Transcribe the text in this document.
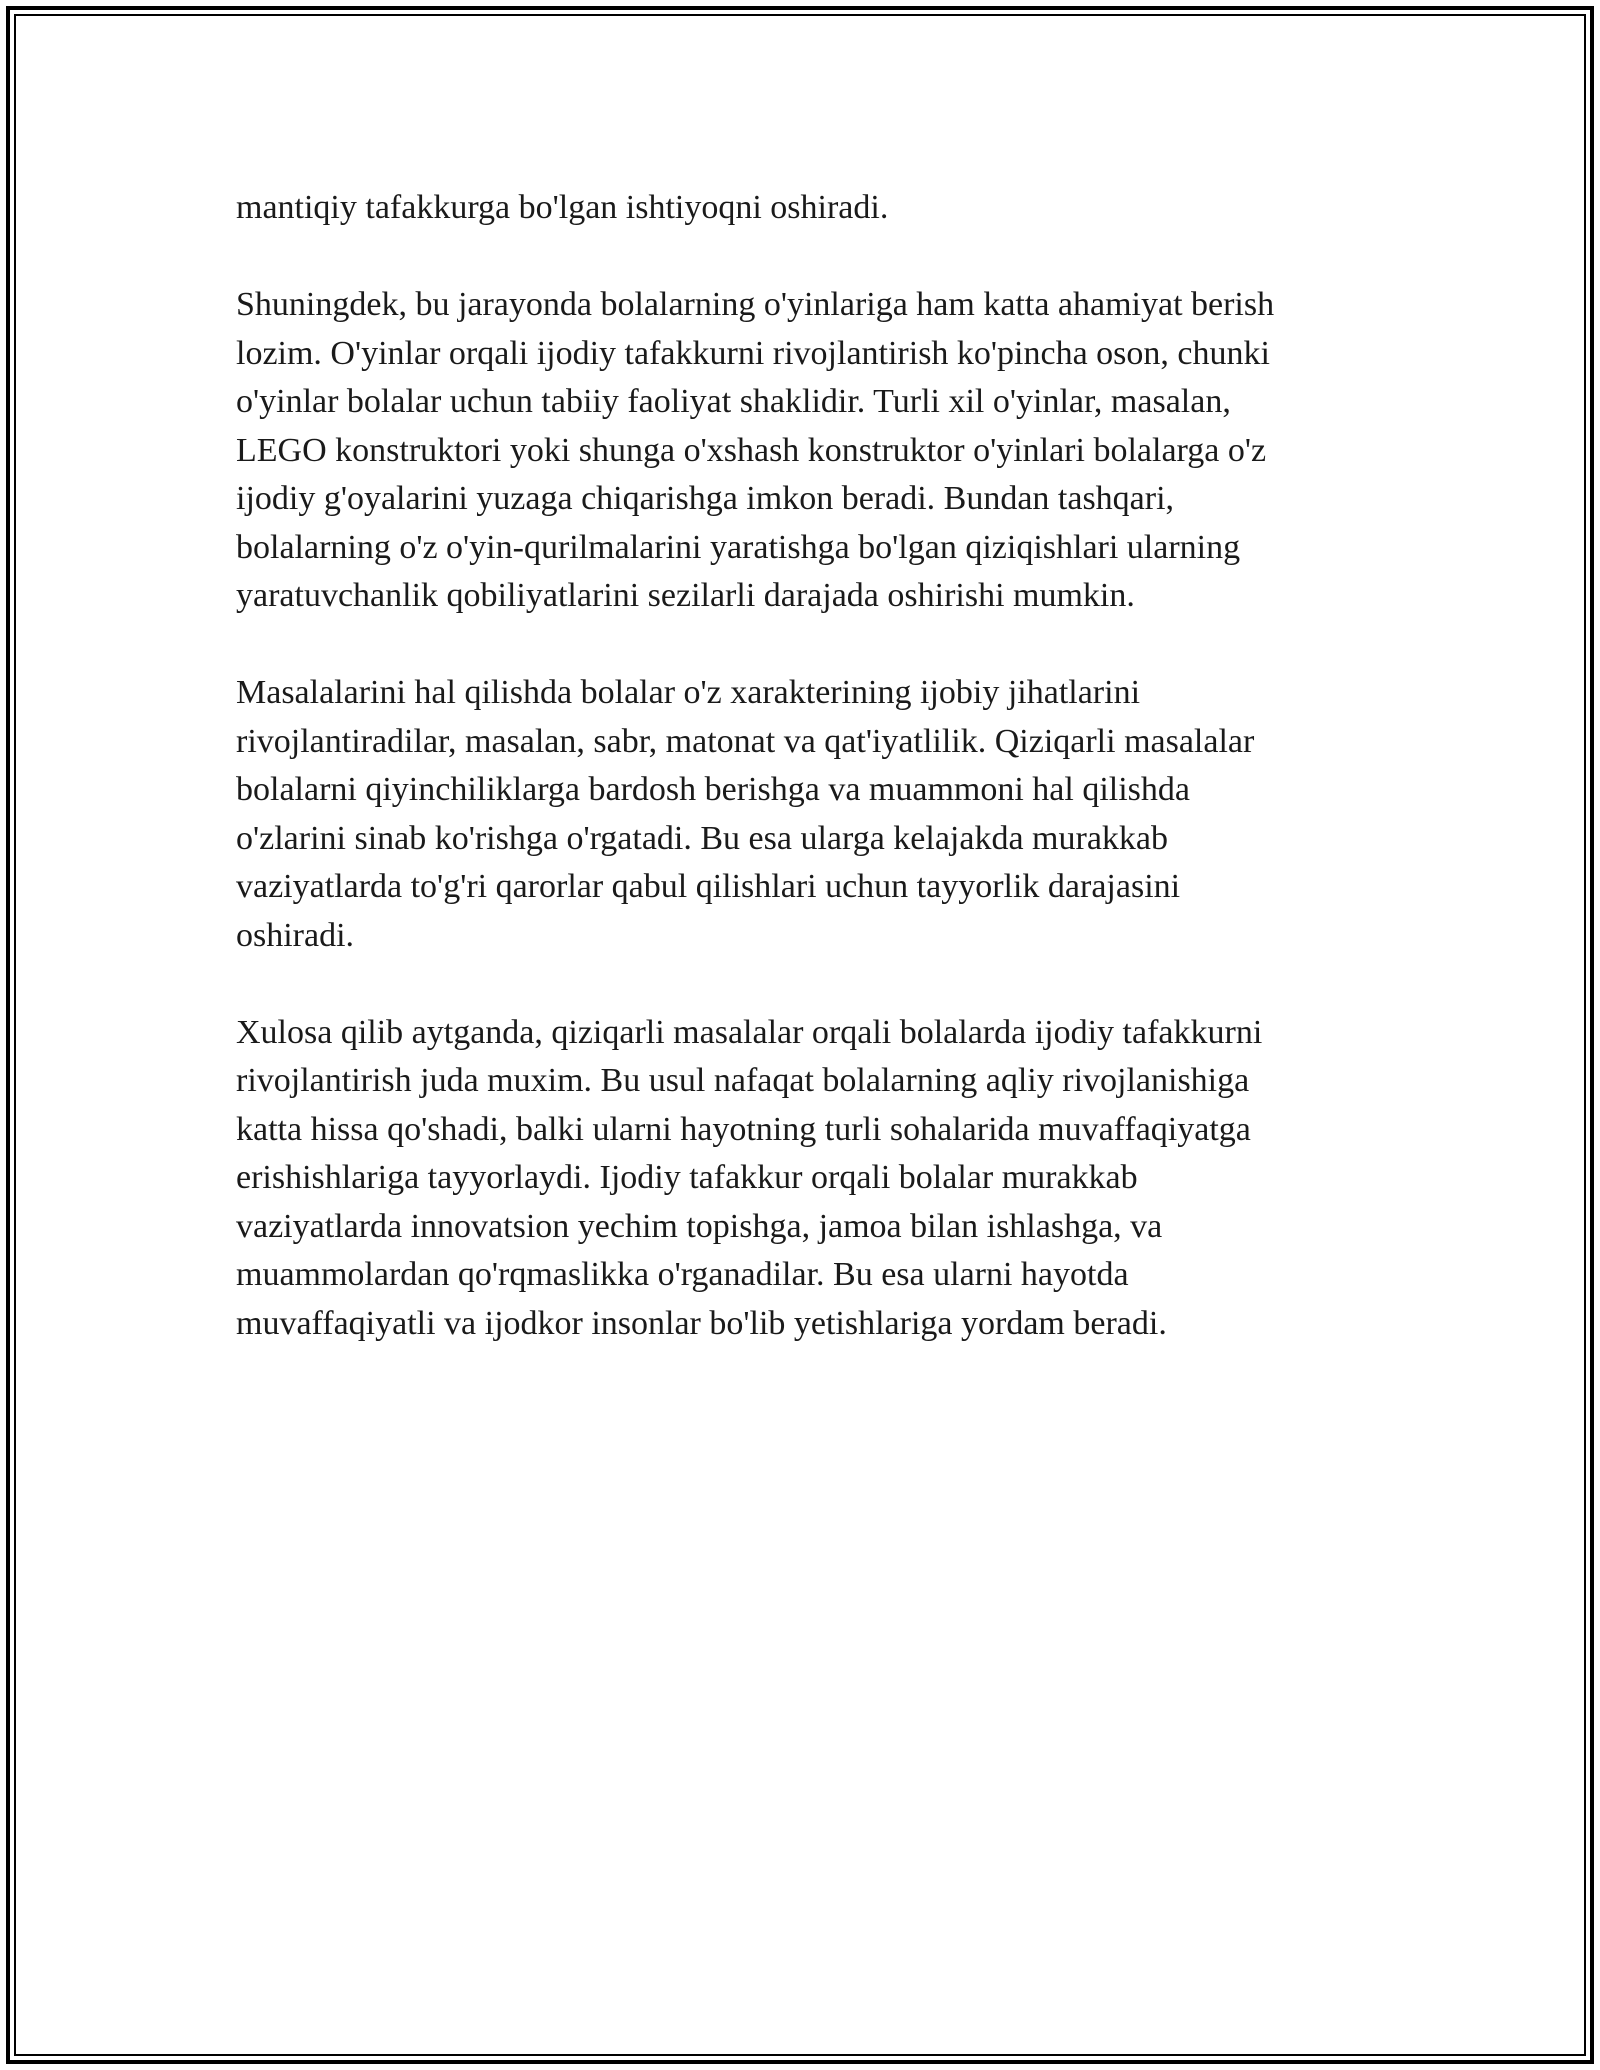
mantiqiy tafakkurga bo'lgan ishtiyoqni oshiradi.

Shuningdek, bu jarayonda bolalarning o'yinlariga ham katta ahamiyat berish
lozim. O'yinlar orqali ijodiy tafakkurni rivojlantirish ko'pincha oson, chunki
o'yinlar bolalar uchun tabiiy faoliyat shaklidir. Turli xil o'yinlar, masalan,
LEGO konstruktori yoki shunga o'xshash konstruktor o'yinlari bolalarga o'z
ijodiy g'oyalarini yuzaga chiqarishga imkon beradi. Bundan tashqari,
bolalarning o'z o'yin-qurilmalarini yaratishga bo'lgan qiziqishlari ularning
yaratuvchanlik qobiliyatlarini sezilarli darajada oshirishi mumkin.

Masalalarini hal qilishda bolalar o'z xarakterining ijobiy jihatlarini
rivojlantiradilar, masalan, sabr, matonat va qat'iyatlilik. Qiziqarli masalalar
bolalarni qiyinchiliklarga bardosh berishga va muammoni hal qilishda
o'zlarini sinab ko'rishga o'rgatadi. Bu esa ularga kelajakda murakkab
vaziyatlarda to'g'ri qarorlar qabul qilishlari uchun tayyorlik darajasini
oshiradi.

Xulosa qilib aytganda, qiziqarli masalalar orqali bolalarda ijodiy tafakkurni
rivojlantirish juda muxim. Bu usul nafaqat bolalarning aqliy rivojlanishiga
katta hissa qo'shadi, balki ularni hayotning turli sohalarida muvaffaqiyatga
erishishlariga tayyorlaydi. Ijodiy tafakkur orqali bolalar murakkab
vaziyatlarda innovatsion yechim topishga, jamoa bilan ishlashga, va
muammolardan qo'rqmaslikka o'rganadilar. Bu esa ularni hayotda
muvaffaqiyatli va ijodkor insonlar bo'lib yetishlariga yordam beradi.
